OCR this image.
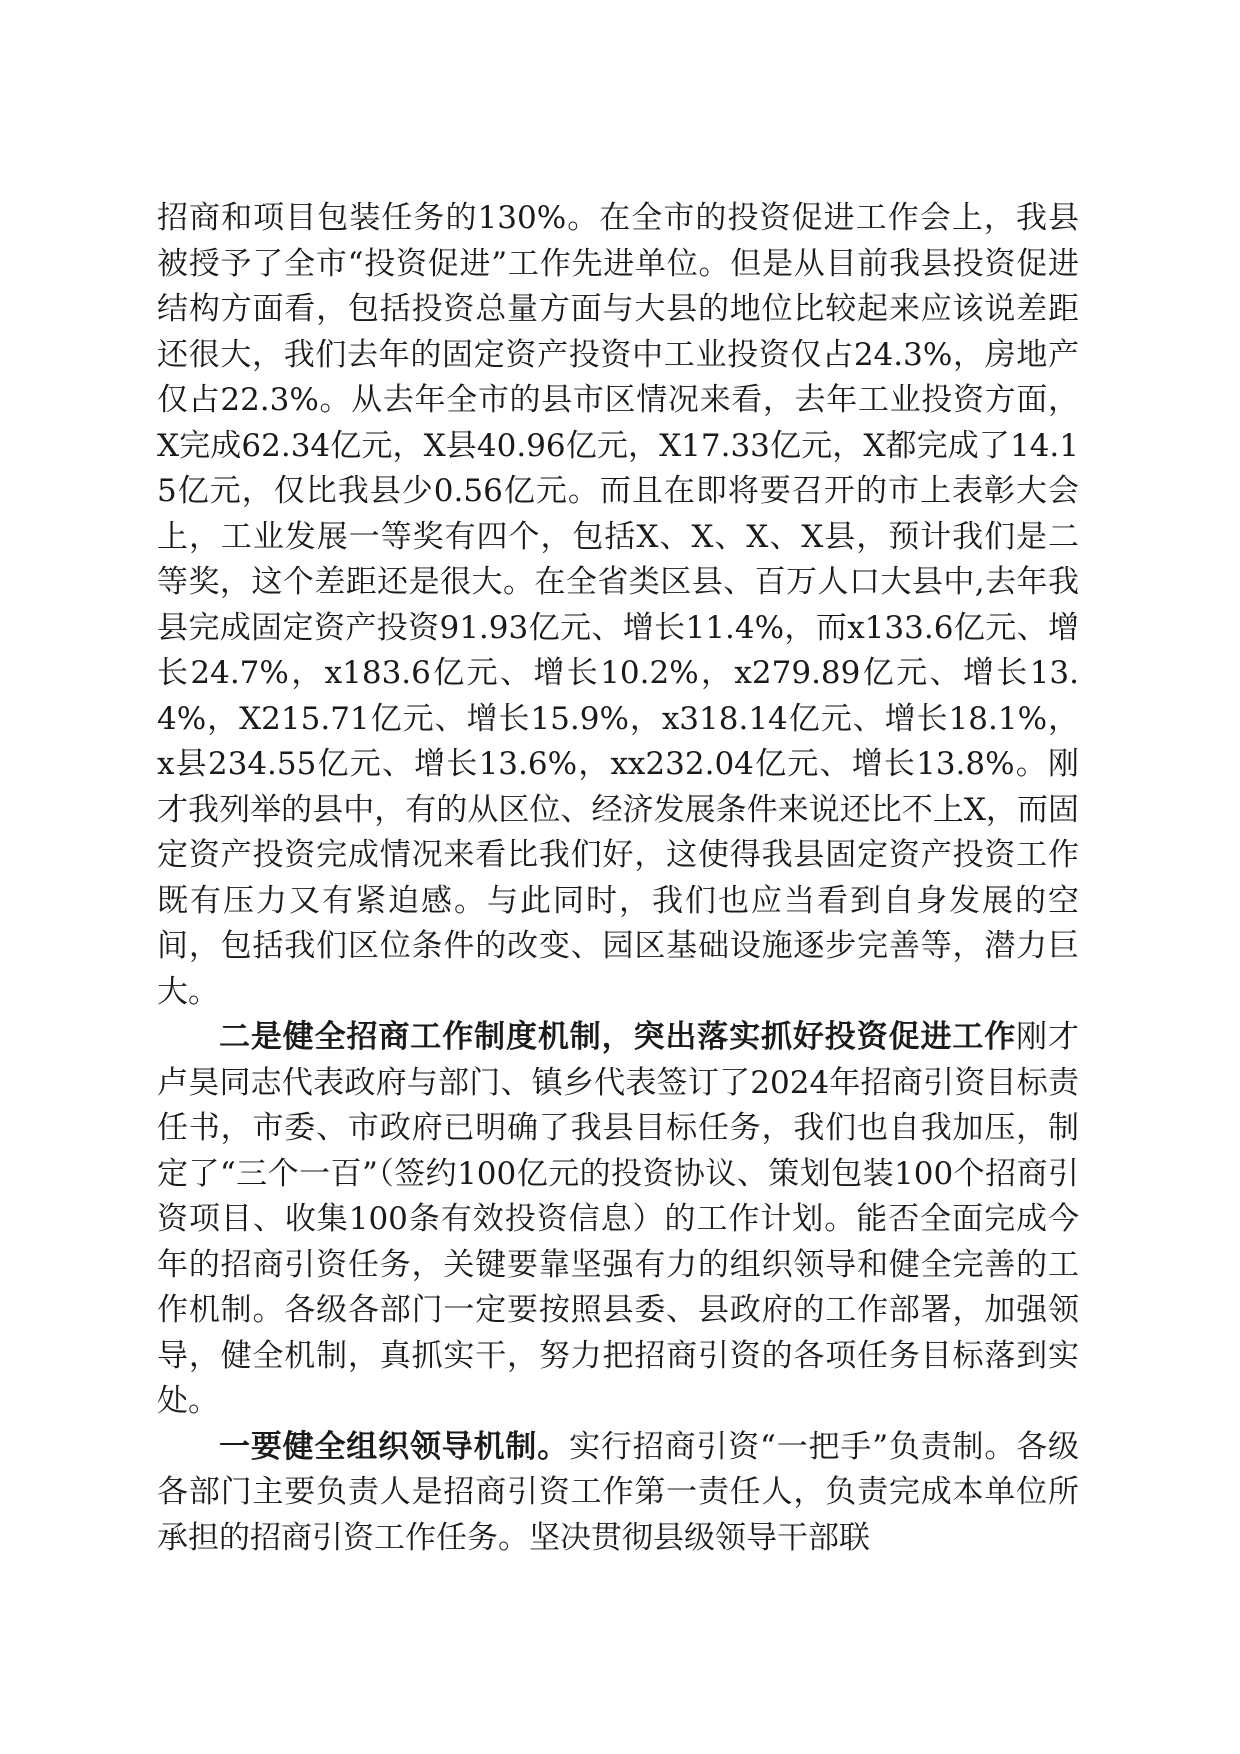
招商和项目包装任务的130%。在全市的投资促进工作会上，我县被授予了全市“投资促进”工作先进单位。但是从目前我县投资促进结构方面看，包括投资总量方面与大县的地位比较起来应该说差距还很大，我们去年的固定资产投资中工业投资仅占24.3%，房地产仅占22.3%。从去年全市的县市区情况来看，去年工业投资方面，X完成62.34亿元，X县40.96亿元，X17.33亿元，X都完成了14.15亿元，仅比我县少0.56亿元。而且在即将要召开的市上表彰大会上，工业发展一等奖有四个，包括X、X、X、X县，预计我们是二等奖，这个差距还是很大。在全省类区县、百万人口大县中,去年我县完成固定资产投资91.93亿元、增长11.4%，而x133.6亿元、增长24.7%，x183.6亿元、增长10.2%，x279.89亿元、增长13.4%，X215.71亿元、增长15.9%，x318.14亿元、增长18.1%，x县234.55亿元、增长13.6%，xx232.04亿元、增长13.8%。刚才我列举的县中，有的从区位、经济发展条件来说还比不上X，而固定资产投资完成情况来看比我们好，这使得我县固定资产投资工作既有压力又有紧迫感。与此同时，我们也应当看到自身发展的空间，包括我们区位条件的改变、园区基础设施逐步完善等，潜力巨大。

二是健全招商工作制度机制，突出落实抓好投资促进工作刚才卢昊同志代表政府与部门、镇乡代表签订了2024年招商引资目标责任书，市委、市政府已明确了我县目标任务，我们也自我加压，制定了“三个一百”（签约100亿元的投资协议、策划包装100个招商引资项目、收集100条有效投资信息）的工作计划。能否全面完成今年的招商引资任务，关键要靠坚强有力的组织领导和健全完善的工作机制。各级各部门一定要按照县委、县政府的工作部署，加强领导，健全机制，真抓实干，努力把招商引资的各项任务目标落到实处。

一要健全组织领导机制。实行招商引资“一把手”负责制。各级各部门主要负责人是招商引资工作第一责任人，负责完成本单位所承担的招商引资工作任务。坚决贯彻县级领导干部联
